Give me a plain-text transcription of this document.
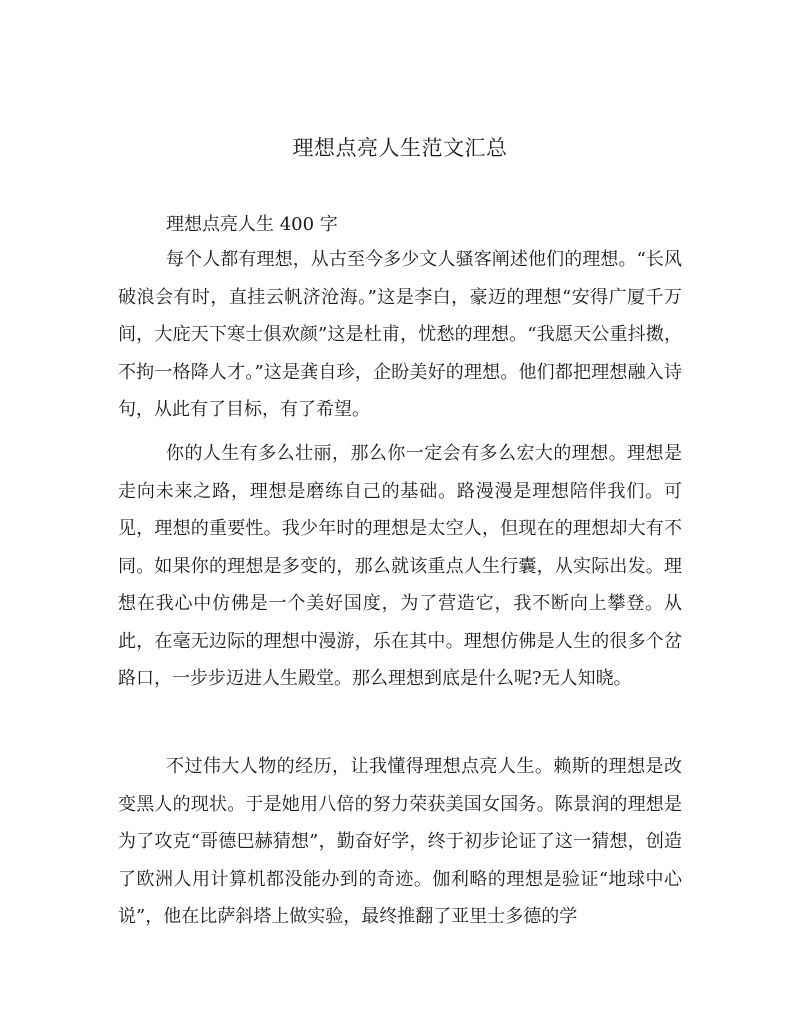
理想点亮人生范文汇总
理想点亮人生 400 字

每个人都有理想，从古至今多少文人骚客阐述他们的理想。“长风破浪会有时，直挂云帆济沧海。”这是李白，豪迈的理想“安得广厦千万间，大庇天下寒士俱欢颜”这是杜甫，忧愁的理想。“我愿天公重抖擞，不拘一格降人才。”这是龚自珍，企盼美好的理想。他们都把理想融入诗句，从此有了目标，有了希望。

你的人生有多么壮丽，那么你一定会有多么宏大的理想。理想是走向未来之路，理想是磨练自己的基础。路漫漫是理想陪伴我们。可见，理想的重要性。我少年时的理想是太空人，但现在的理想却大有不同。如果你的理想是多变的，那么就该重点人生行囊，从实际出发。理想在我心中仿佛是一个美好国度，为了营造它，我不断向上攀登。从此，在毫无边际的理想中漫游，乐在其中。理想仿佛是人生的很多个岔路口，一步步迈进人生殿堂。那么理想到底是什么呢?无人知晓。

不过伟大人物的经历，让我懂得理想点亮人生。赖斯的理想是改变黑人的现状。于是她用八倍的努力荣获美国女国务。陈景润的理想是为了攻克“哥德巴赫猜想”，勤奋好学，终于初步论证了这一猜想，创造了欧洲人用计算机都没能办到的奇迹。伽利略的理想是验证“地球中心说”，他在比萨斜塔上做实验，最终推翻了亚里士多德的学
